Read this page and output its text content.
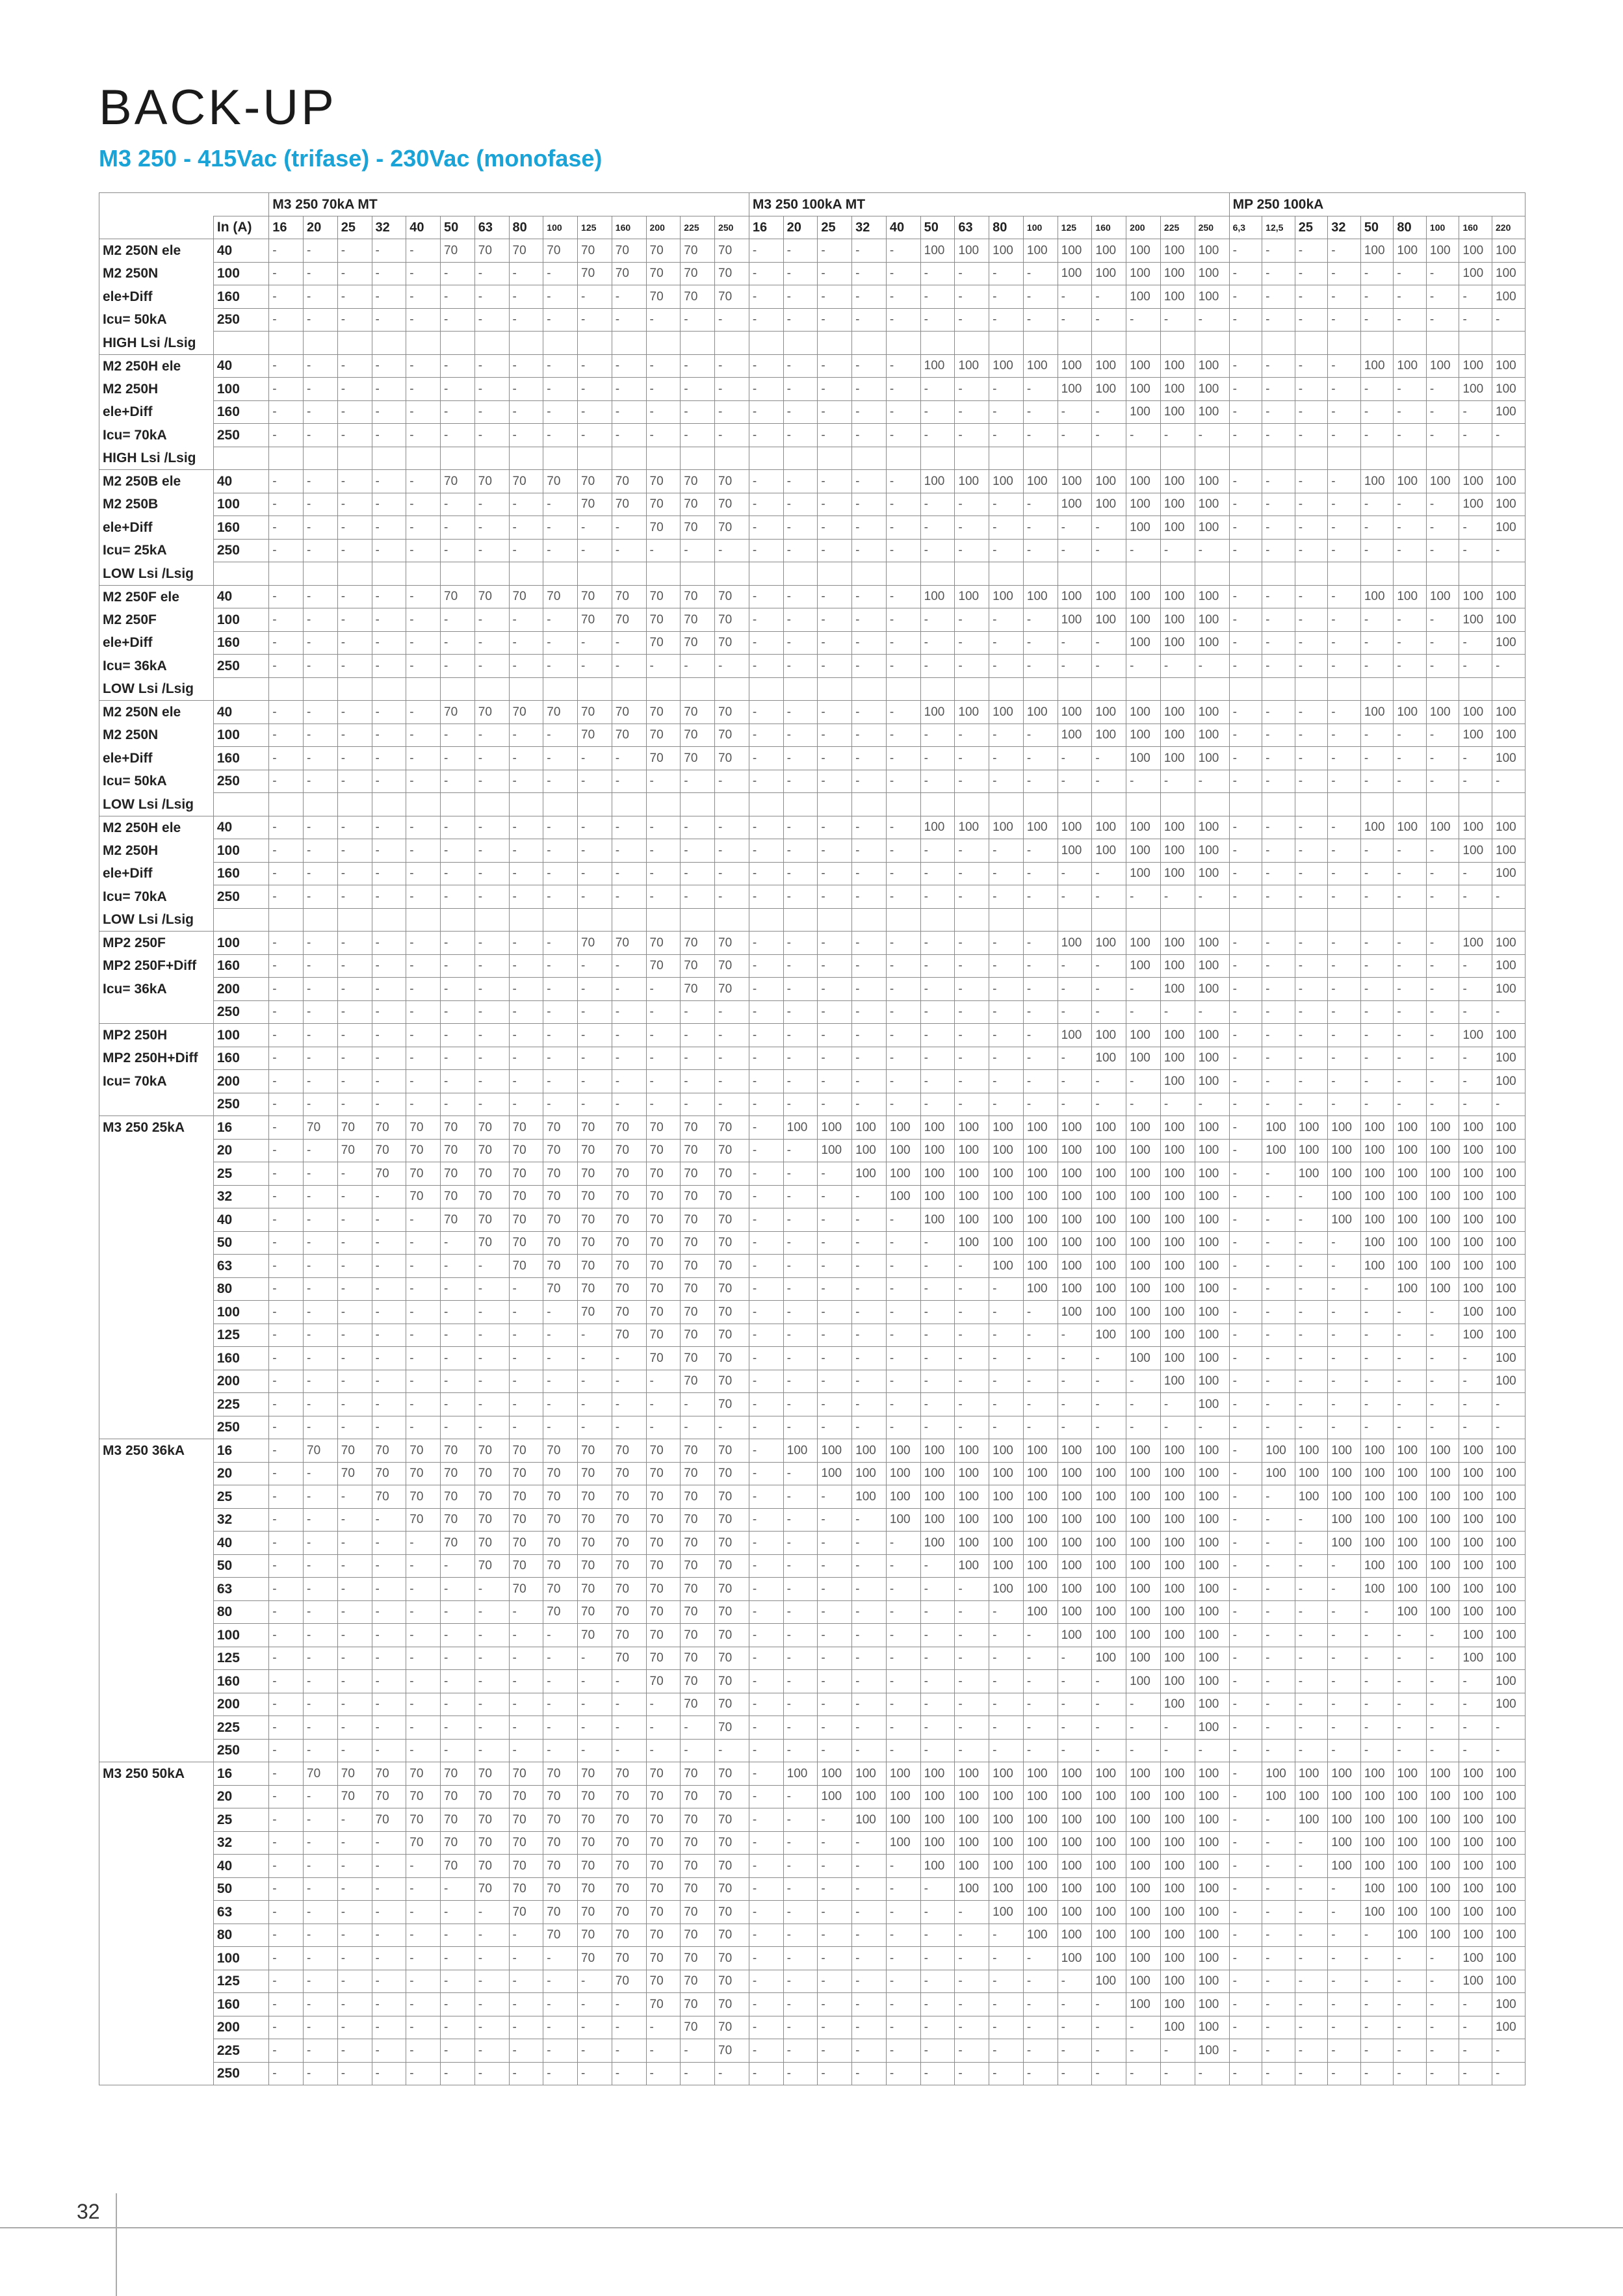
BACK-UP
M3 250 - 415Vac (trifase) - 230Vac (monofase)
		M3 250 70kA MT														M3 250 100kA MT														MP 250 100kA								
	In (A)	16	20	25	32	40	50	63	80	100	125	160	200	225	250	16	20	25	32	40	50	63	80	100	125	160	200	225	250	6,3	12,5	25	32	50	80	100	160	220
M2 250N ele	40	-	-	-	-	-	70	70	70	70	70	70	70	70	70	-	-	-	-	-	100	100	100	100	100	100	100	100	100	-	-	-	-	100	100	100	100	100
M2 250N	100	-	-	-	-	-	-	-	-	-	70	70	70	70	70	-	-	-	-	-	-	-	-	-	100	100	100	100	100	-	-	-	-	-	-	-	100	100
ele+Diff	160	-	-	-	-	-	-	-	-	-	-	-	70	70	70	-	-	-	-	-	-	-	-	-	-	-	100	100	100	-	-	-	-	-	-	-	-	100
Icu= 50kA	250	-	-	-	-	-	-	-	-	-	-	-	-	-	-	-	-	-	-	-	-	-	-	-	-	-	-	-	-	-	-	-	-	-	-	-	-	-
HIGH Lsi /Lsig																																						
M2 250H ele	40	-	-	-	-	-	-	-	-	-	-	-	-	-	-	-	-	-	-	-	100	100	100	100	100	100	100	100	100	-	-	-	-	100	100	100	100	100
M2 250H	100	-	-	-	-	-	-	-	-	-	-	-	-	-	-	-	-	-	-	-	-	-	-	-	100	100	100	100	100	-	-	-	-	-	-	-	100	100
ele+Diff	160	-	-	-	-	-	-	-	-	-	-	-	-	-	-	-	-	-	-	-	-	-	-	-	-	-	100	100	100	-	-	-	-	-	-	-	-	100
Icu= 70kA	250	-	-	-	-	-	-	-	-	-	-	-	-	-	-	-	-	-	-	-	-	-	-	-	-	-	-	-	-	-	-	-	-	-	-	-	-	-
HIGH Lsi /Lsig																																						
M2 250B ele	40	-	-	-	-	-	70	70	70	70	70	70	70	70	70	-	-	-	-	-	100	100	100	100	100	100	100	100	100	-	-	-	-	100	100	100	100	100
M2 250B	100	-	-	-	-	-	-	-	-	-	70	70	70	70	70	-	-	-	-	-	-	-	-	-	100	100	100	100	100	-	-	-	-	-	-	-	100	100
ele+Diff	160	-	-	-	-	-	-	-	-	-	-	-	70	70	70	-	-	-	-	-	-	-	-	-	-	-	100	100	100	-	-	-	-	-	-	-	-	100
Icu= 25kA	250	-	-	-	-	-	-	-	-	-	-	-	-	-	-	-	-	-	-	-	-	-	-	-	-	-	-	-	-	-	-	-	-	-	-	-	-	-
LOW Lsi /Lsig																																						
M2 250F ele	40	-	-	-	-	-	70	70	70	70	70	70	70	70	70	-	-	-	-	-	100	100	100	100	100	100	100	100	100	-	-	-	-	100	100	100	100	100
M2 250F	100	-	-	-	-	-	-	-	-	-	70	70	70	70	70	-	-	-	-	-	-	-	-	-	100	100	100	100	100	-	-	-	-	-	-	-	100	100
ele+Diff	160	-	-	-	-	-	-	-	-	-	-	-	70	70	70	-	-	-	-	-	-	-	-	-	-	-	100	100	100	-	-	-	-	-	-	-	-	100
Icu= 36kA	250	-	-	-	-	-	-	-	-	-	-	-	-	-	-	-	-	-	-	-	-	-	-	-	-	-	-	-	-	-	-	-	-	-	-	-	-	-
LOW Lsi /Lsig																																						
M2 250N ele	40	-	-	-	-	-	70	70	70	70	70	70	70	70	70	-	-	-	-	-	100	100	100	100	100	100	100	100	100	-	-	-	-	100	100	100	100	100
M2 250N	100	-	-	-	-	-	-	-	-	-	70	70	70	70	70	-	-	-	-	-	-	-	-	-	100	100	100	100	100	-	-	-	-	-	-	-	100	100
ele+Diff	160	-	-	-	-	-	-	-	-	-	-	-	70	70	70	-	-	-	-	-	-	-	-	-	-	-	100	100	100	-	-	-	-	-	-	-	-	100
Icu= 50kA	250	-	-	-	-	-	-	-	-	-	-	-	-	-	-	-	-	-	-	-	-	-	-	-	-	-	-	-	-	-	-	-	-	-	-	-	-	-
LOW Lsi /Lsig																																						
M2 250H ele	40	-	-	-	-	-	-	-	-	-	-	-	-	-	-	-	-	-	-	-	100	100	100	100	100	100	100	100	100	-	-	-	-	100	100	100	100	100
M2 250H	100	-	-	-	-	-	-	-	-	-	-	-	-	-	-	-	-	-	-	-	-	-	-	-	100	100	100	100	100	-	-	-	-	-	-	-	100	100
ele+Diff	160	-	-	-	-	-	-	-	-	-	-	-	-	-	-	-	-	-	-	-	-	-	-	-	-	-	100	100	100	-	-	-	-	-	-	-	-	100
Icu= 70kA	250	-	-	-	-	-	-	-	-	-	-	-	-	-	-	-	-	-	-	-	-	-	-	-	-	-	-	-	-	-	-	-	-	-	-	-	-	-
LOW Lsi /Lsig																																						
MP2 250F	100	-	-	-	-	-	-	-	-	-	70	70	70	70	70	-	-	-	-	-	-	-	-	-	100	100	100	100	100	-	-	-	-	-	-	-	100	100
MP2 250F+Diff	160	-	-	-	-	-	-	-	-	-	-	-	70	70	70	-	-	-	-	-	-	-	-	-	-	-	100	100	100	-	-	-	-	-	-	-	-	100
Icu= 36kA	200	-	-	-	-	-	-	-	-	-	-	-	-	70	70	-	-	-	-	-	-	-	-	-	-	-	-	100	100	-	-	-	-	-	-	-	-	100
	250	-	-	-	-	-	-	-	-	-	-	-	-	-	-	-	-	-	-	-	-	-	-	-	-	-	-	-	-	-	-	-	-	-	-	-	-	-
MP2 250H	100	-	-	-	-	-	-	-	-	-	-	-	-	-	-	-	-	-	-	-	-	-	-	-	100	100	100	100	100	-	-	-	-	-	-	-	100	100
MP2 250H+Diff	160	-	-	-	-	-	-	-	-	-	-	-	-	-	-	-	-	-	-	-	-	-	-	-	-	100	100	100	100	-	-	-	-	-	-	-	-	100
Icu= 70kA	200	-	-	-	-	-	-	-	-	-	-	-	-	-	-	-	-	-	-	-	-	-	-	-	-	-	-	100	100	-	-	-	-	-	-	-	-	100
	250	-	-	-	-	-	-	-	-	-	-	-	-	-	-	-	-	-	-	-	-	-	-	-	-	-	-	-	-	-	-	-	-	-	-	-	-	-
M3 250 25kA	16	-	70	70	70	70	70	70	70	70	70	70	70	70	70	-	100	100	100	100	100	100	100	100	100	100	100	100	100	-	100	100	100	100	100	100	100	100
	20	-	-	70	70	70	70	70	70	70	70	70	70	70	70	-	-	100	100	100	100	100	100	100	100	100	100	100	100	-	100	100	100	100	100	100	100	100
	25	-	-	-	70	70	70	70	70	70	70	70	70	70	70	-	-	-	100	100	100	100	100	100	100	100	100	100	100	-	-	100	100	100	100	100	100	100
	32	-	-	-	-	70	70	70	70	70	70	70	70	70	70	-	-	-	-	100	100	100	100	100	100	100	100	100	100	-	-	-	100	100	100	100	100	100
	40	-	-	-	-	-	70	70	70	70	70	70	70	70	70	-	-	-	-	-	100	100	100	100	100	100	100	100	100	-	-	-	100	100	100	100	100	100
	50	-	-	-	-	-	-	70	70	70	70	70	70	70	70	-	-	-	-	-	-	100	100	100	100	100	100	100	100	-	-	-	-	100	100	100	100	100
	63	-	-	-	-	-	-	-	70	70	70	70	70	70	70	-	-	-	-	-	-	-	100	100	100	100	100	100	100	-	-	-	-	100	100	100	100	100
	80	-	-	-	-	-	-	-	-	70	70	70	70	70	70	-	-	-	-	-	-	-	-	100	100	100	100	100	100	-	-	-	-	-	100	100	100	100
	100	-	-	-	-	-	-	-	-	-	70	70	70	70	70	-	-	-	-	-	-	-	-	-	100	100	100	100	100	-	-	-	-	-	-	-	100	100
	125	-	-	-	-	-	-	-	-	-	-	70	70	70	70	-	-	-	-	-	-	-	-	-	-	100	100	100	100	-	-	-	-	-	-	-	100	100
	160	-	-	-	-	-	-	-	-	-	-	-	70	70	70	-	-	-	-	-	-	-	-	-	-	-	100	100	100	-	-	-	-	-	-	-	-	100
	200	-	-	-	-	-	-	-	-	-	-	-	-	70	70	-	-	-	-	-	-	-	-	-	-	-	-	100	100	-	-	-	-	-	-	-	-	100
	225	-	-	-	-	-	-	-	-	-	-	-	-	-	70	-	-	-	-	-	-	-	-	-	-	-	-	-	100	-	-	-	-	-	-	-	-	-
	250	-	-	-	-	-	-	-	-	-	-	-	-	-	-	-	-	-	-	-	-	-	-	-	-	-	-	-	-	-	-	-	-	-	-	-	-	-
M3 250 36kA	16	-	70	70	70	70	70	70	70	70	70	70	70	70	70	-	100	100	100	100	100	100	100	100	100	100	100	100	100	-	100	100	100	100	100	100	100	100
	20	-	-	70	70	70	70	70	70	70	70	70	70	70	70	-	-	100	100	100	100	100	100	100	100	100	100	100	100	-	100	100	100	100	100	100	100	100
	25	-	-	-	70	70	70	70	70	70	70	70	70	70	70	-	-	-	100	100	100	100	100	100	100	100	100	100	100	-	-	100	100	100	100	100	100	100
	32	-	-	-	-	70	70	70	70	70	70	70	70	70	70	-	-	-	-	100	100	100	100	100	100	100	100	100	100	-	-	-	100	100	100	100	100	100
	40	-	-	-	-	-	70	70	70	70	70	70	70	70	70	-	-	-	-	-	100	100	100	100	100	100	100	100	100	-	-	-	100	100	100	100	100	100
	50	-	-	-	-	-	-	70	70	70	70	70	70	70	70	-	-	-	-	-	-	100	100	100	100	100	100	100	100	-	-	-	-	100	100	100	100	100
	63	-	-	-	-	-	-	-	70	70	70	70	70	70	70	-	-	-	-	-	-	-	100	100	100	100	100	100	100	-	-	-	-	100	100	100	100	100
	80	-	-	-	-	-	-	-	-	70	70	70	70	70	70	-	-	-	-	-	-	-	-	100	100	100	100	100	100	-	-	-	-	-	100	100	100	100
	100	-	-	-	-	-	-	-	-	-	70	70	70	70	70	-	-	-	-	-	-	-	-	-	100	100	100	100	100	-	-	-	-	-	-	-	100	100
	125	-	-	-	-	-	-	-	-	-	-	70	70	70	70	-	-	-	-	-	-	-	-	-	-	100	100	100	100	-	-	-	-	-	-	-	100	100
	160	-	-	-	-	-	-	-	-	-	-	-	70	70	70	-	-	-	-	-	-	-	-	-	-	-	100	100	100	-	-	-	-	-	-	-	-	100
	200	-	-	-	-	-	-	-	-	-	-	-	-	70	70	-	-	-	-	-	-	-	-	-	-	-	-	100	100	-	-	-	-	-	-	-	-	100
	225	-	-	-	-	-	-	-	-	-	-	-	-	-	70	-	-	-	-	-	-	-	-	-	-	-	-	-	100	-	-	-	-	-	-	-	-	-
	250	-	-	-	-	-	-	-	-	-	-	-	-	-	-	-	-	-	-	-	-	-	-	-	-	-	-	-	-	-	-	-	-	-	-	-	-	-
M3 250 50kA	16	-	70	70	70	70	70	70	70	70	70	70	70	70	70	-	100	100	100	100	100	100	100	100	100	100	100	100	100	-	100	100	100	100	100	100	100	100
	20	-	-	70	70	70	70	70	70	70	70	70	70	70	70	-	-	100	100	100	100	100	100	100	100	100	100	100	100	-	100	100	100	100	100	100	100	100
	25	-	-	-	70	70	70	70	70	70	70	70	70	70	70	-	-	-	100	100	100	100	100	100	100	100	100	100	100	-	-	100	100	100	100	100	100	100
	32	-	-	-	-	70	70	70	70	70	70	70	70	70	70	-	-	-	-	100	100	100	100	100	100	100	100	100	100	-	-	-	100	100	100	100	100	100
	40	-	-	-	-	-	70	70	70	70	70	70	70	70	70	-	-	-	-	-	100	100	100	100	100	100	100	100	100	-	-	-	100	100	100	100	100	100
	50	-	-	-	-	-	-	70	70	70	70	70	70	70	70	-	-	-	-	-	-	100	100	100	100	100	100	100	100	-	-	-	-	100	100	100	100	100
	63	-	-	-	-	-	-	-	70	70	70	70	70	70	70	-	-	-	-	-	-	-	100	100	100	100	100	100	100	-	-	-	-	100	100	100	100	100
	80	-	-	-	-	-	-	-	-	70	70	70	70	70	70	-	-	-	-	-	-	-	-	100	100	100	100	100	100	-	-	-	-	-	100	100	100	100
	100	-	-	-	-	-	-	-	-	-	70	70	70	70	70	-	-	-	-	-	-	-	-	-	100	100	100	100	100	-	-	-	-	-	-	-	100	100
	125	-	-	-	-	-	-	-	-	-	-	70	70	70	70	-	-	-	-	-	-	-	-	-	-	100	100	100	100	-	-	-	-	-	-	-	100	100
	160	-	-	-	-	-	-	-	-	-	-	-	70	70	70	-	-	-	-	-	-	-	-	-	-	-	100	100	100	-	-	-	-	-	-	-	-	100
	200	-	-	-	-	-	-	-	-	-	-	-	-	70	70	-	-	-	-	-	-	-	-	-	-	-	-	100	100	-	-	-	-	-	-	-	-	100
	225	-	-	-	-	-	-	-	-	-	-	-	-	-	70	-	-	-	-	-	-	-	-	-	-	-	-	-	100	-	-	-	-	-	-	-	-	-
	250	-	-	-	-	-	-	-	-	-	-	-	-	-	-	-	-	-	-	-	-	-	-	-	-	-	-	-	-	-	-	-	-	-	-	-	-	-

32
